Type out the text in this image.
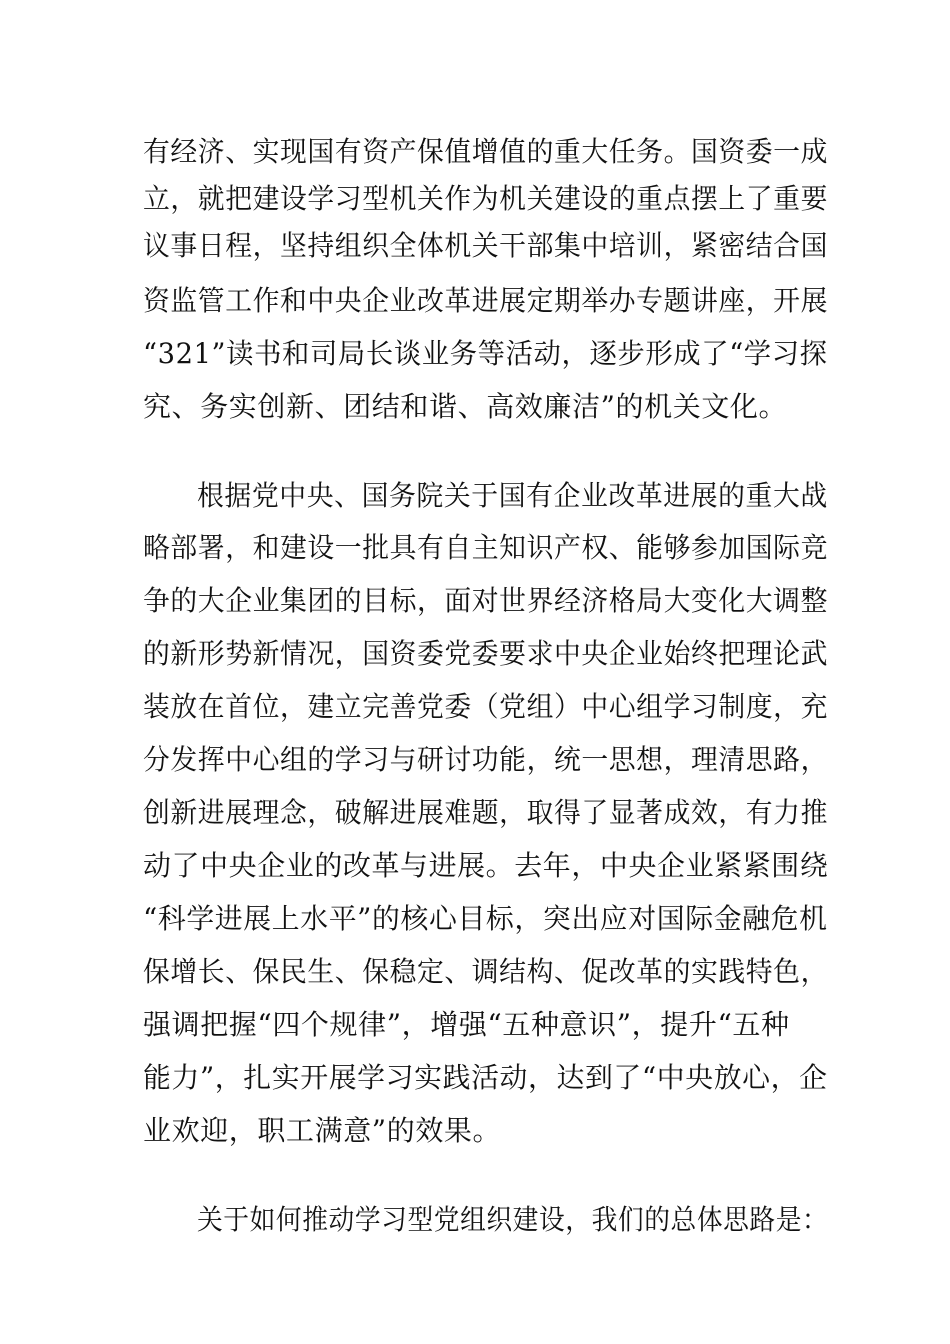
有经济、实现国有资产保值增值的重大任务。国资委一成
立，就把建设学习型机关作为机关建设的重点摆上了重要
议事日程，坚持组织全体机关干部集中培训，紧密结合国
资监管工作和中央企业改革进展定期举办专题讲座，开展
“321”读书和司局长谈业务等活动，逐步形成了“学习探
究、务实创新、团结和谐、高效廉洁”的机关文化。
根据党中央、国务院关于国有企业改革进展的重大战
略部署，和建设一批具有自主知识产权、能够参加国际竞
争的大企业集团的目标，面对世界经济格局大变化大调整
的新形势新情况，国资委党委要求中央企业始终把理论武
装放在首位，建立完善党委（党组）中心组学习制度，充
分发挥中心组的学习与研讨功能，统一思想，理清思路，
创新进展理念，破解进展难题，取得了显著成效，有力推
动了中央企业的改革与进展。去年，中央企业紧紧围绕
“科学进展上水平”的核心目标，突出应对国际金融危机
保增长、保民生、保稳定、调结构、促改革的实践特色，
强调把握“四个规律”，增强“五种意识”，提升“五种
能力”，扎实开展学习实践活动，达到了“中央放心，企
业欢迎，职工满意”的效果。
关于如何推动学习型党组织建设，我们的总体思路是：
